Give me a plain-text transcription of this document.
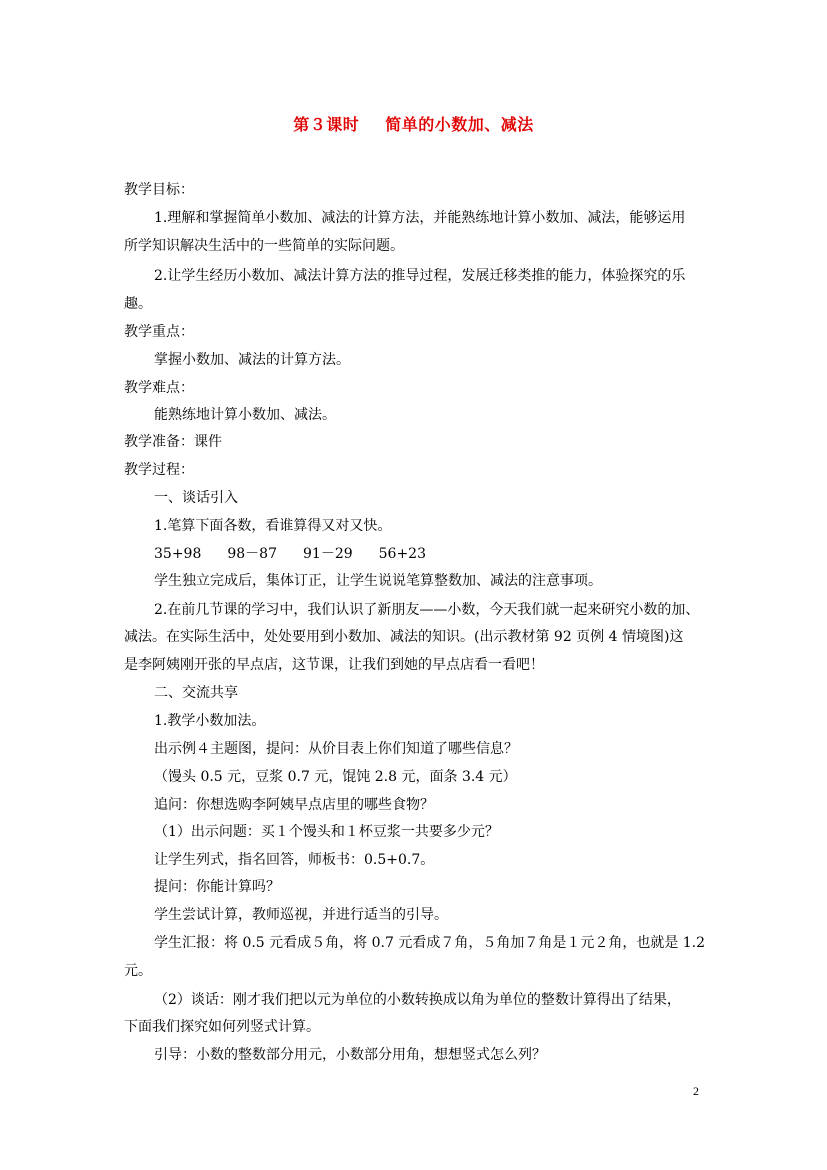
第３课时 简单的小数加、减法
教学目标：
1.理解和掌握简单小数加、减法的计算方法，并能熟练地计算小数加、减法，能够运用
所学知识解决生活中的一些简单的实际问题。
2.让学生经历小数加、减法计算方法的推导过程，发展迁移类推的能力，体验探究的乐
趣。
教学重点：
掌握小数加、减法的计算方法。
教学难点：
能熟练地计算小数加、减法。
教学准备：课件
教学过程：
一、谈话引入
1.笔算下面各数，看谁算得又对又快。
35+98 98－87 91－29 56+23
学生独立完成后，集体订正，让学生说说笔算整数加、减法的注意事项。
2.在前几节课的学习中，我们认识了新朋友——小数，今天我们就一起来研究小数的加、
减法。在实际生活中，处处要用到小数加、减法的知识。(出示教材第 92 页例 4 情境图)这
是李阿姨刚开张的早点店，这节课，让我们到她的早点店看一看吧！
二、交流共享
1.教学小数加法。
出示例４主题图，提问：从价目表上你们知道了哪些信息？
（馒头 0.5 元，豆浆 0.7 元，馄饨 2.8 元，面条 3.4 元）
追问：你想选购李阿姨早点店里的哪些食物？
（1）出示问题：买１个馒头和１杯豆浆一共要多少元？
让学生列式，指名回答，师板书：0.5+0.7。
提问：你能计算吗？
学生尝试计算，教师巡视，并进行适当的引导。
学生汇报：将 0.5 元看成５角，将 0.7 元看成７角，５角加７角是１元２角，也就是 1.2
元。
（2）谈话：刚才我们把以元为单位的小数转换成以角为单位的整数计算得出了结果，
下面我们探究如何列竖式计算。
引导：小数的整数部分用元，小数部分用角，想想竖式怎么列？
2
